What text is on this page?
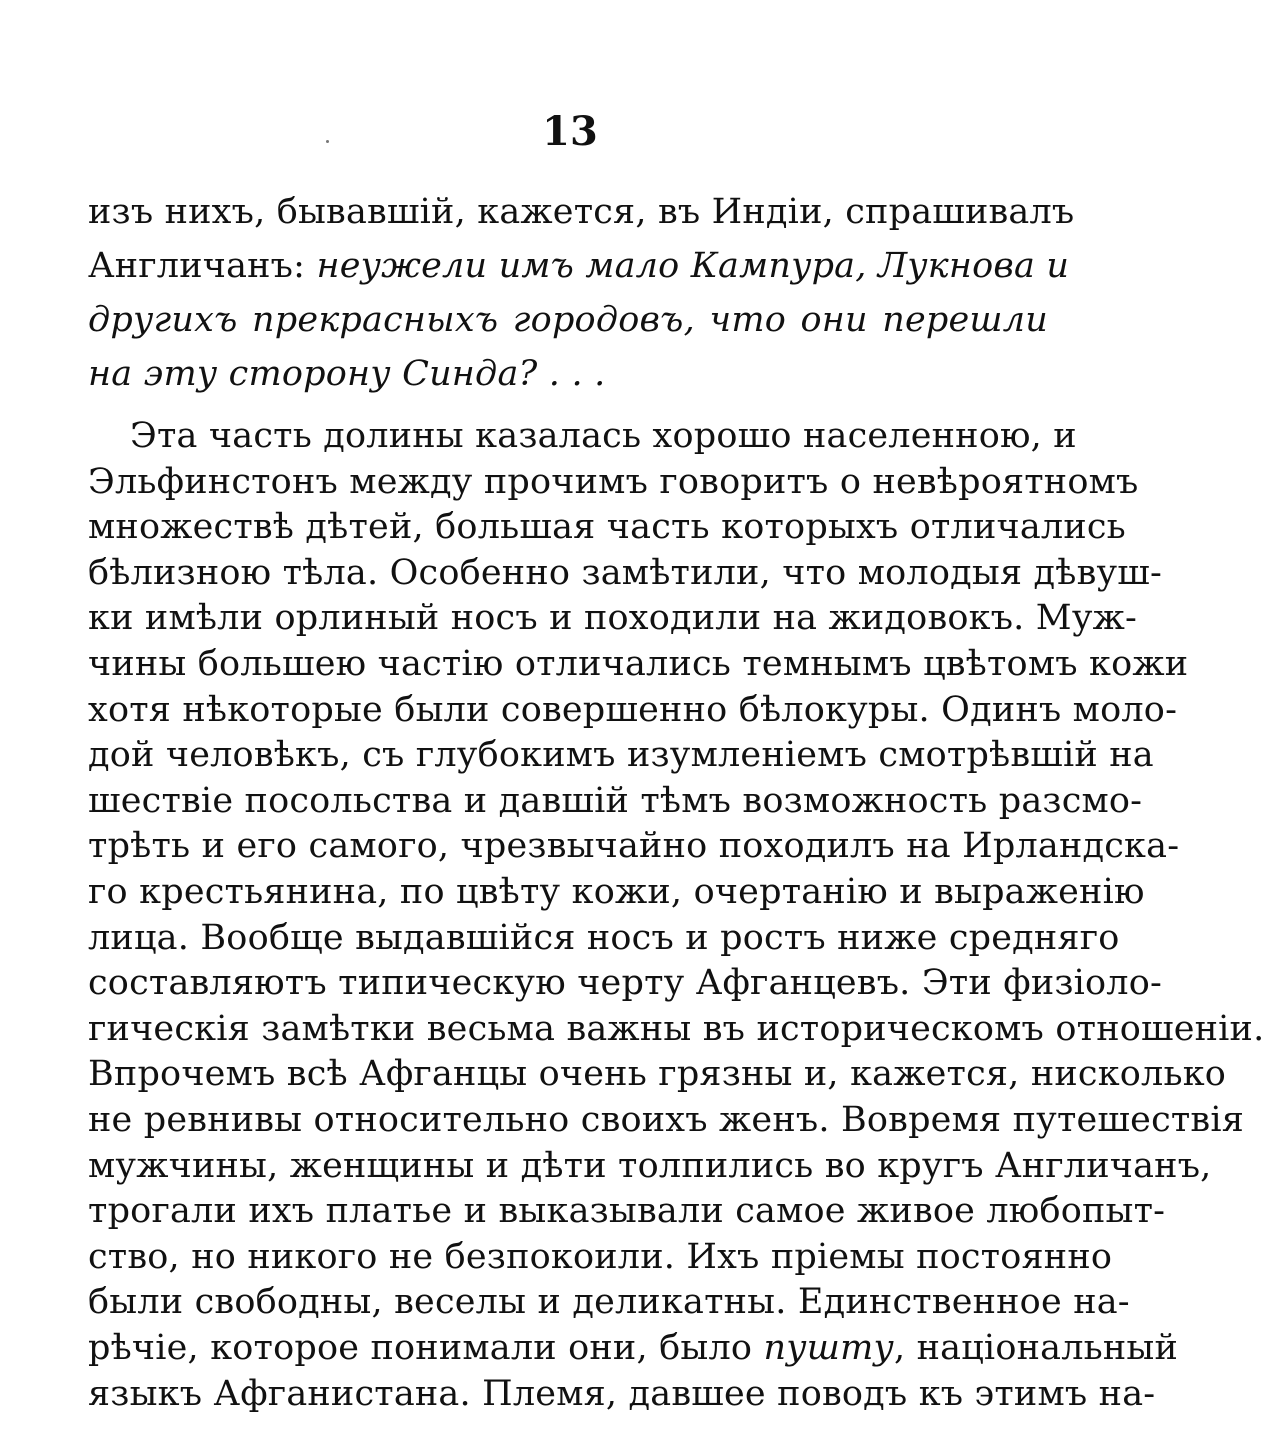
13
изъ нихъ, бывавшій, кажется, въ Индіи, спрашивалъ
Англичанъ: неужели имъ мало Кампура, Лукнова и
другихъ прекрасныхъ городовъ, что они перешли
на эту сторону Синда? . . .
Эта часть долины казалась хорошо населенною, и
Эльфинстонъ между прочимъ говоритъ о невѣроятномъ
множествѣ дѣтей, большая часть которыхъ отличались
бѣлизною тѣла. Особенно замѣтили, что молодыя дѣвуш-
ки имѣли орлиный носъ и походили на жидовокъ. Муж-
чины большею частію отличались темнымъ цвѣтомъ кожи
хотя нѣкоторые были совершенно бѣлокуры. Одинъ моло-
дой человѣкъ, съ глубокимъ изумленіемъ смотрѣвшій на
шествіе посольства и давшій тѣмъ возможность разсмо-
трѣть и его самого, чрезвычайно походилъ на Ирландска-
го крестьянина, по цвѣту кожи, очертанію и выраженію
лица. Вообще выдавшійся носъ и ростъ ниже средняго
составляютъ типическую черту Афганцевъ. Эти физіоло-
гическія замѣтки весьма важны въ историческомъ отношеніи.
Впрочемъ всѣ Афганцы очень грязны и, кажется, нисколько
не ревнивы относительно своихъ женъ. Вовремя путешествія
мужчины, женщины и дѣти толпились во кругъ Англичанъ,
трогали ихъ платье и выказывали самое живое любопыт-
ство, но никого не безпокоили. Ихъ пріемы постоянно
были свободны, веселы и деликатны. Единственное на-
рѣчіе, которое понимали они, было пушту, національный
языкъ Афганистана. Племя, давшее поводъ къ этимъ на-
